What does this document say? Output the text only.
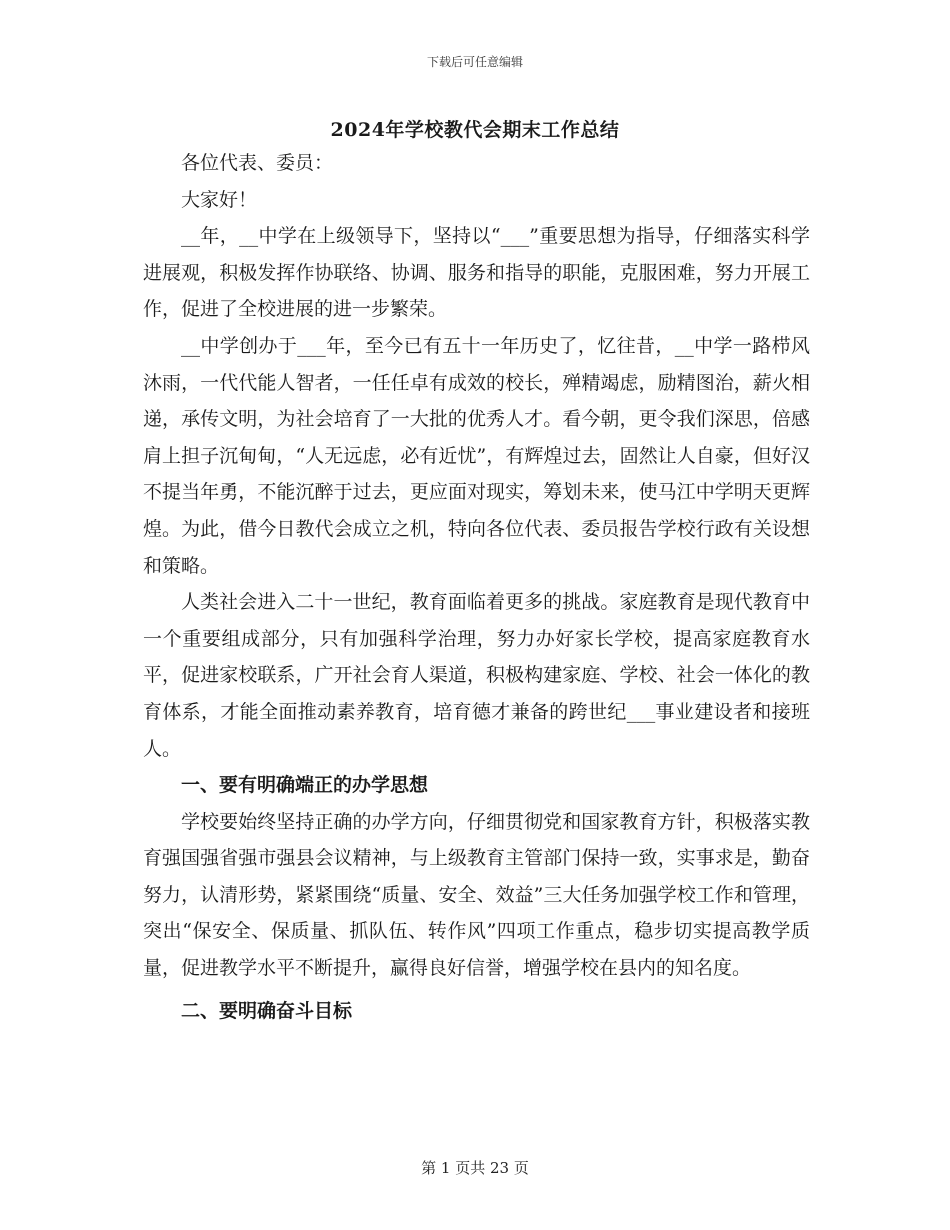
下载后可任意编辑
2024年学校教代会期末工作总结

各位代表、委员：

大家好！

__年，__中学在上级领导下，坚持以“___”重要思想为指导，仔细落实科学进展观，积极发挥作协联络、协调、服务和指导的职能，克服困难，努力开展工作，促进了全校进展的进一步繁荣。

__中学创办于___年，至今已有五十一年历史了，忆往昔，__中学一路栉风沐雨，一代代能人智者，一任任卓有成效的校长，殚精竭虑，励精图治，薪火相递，承传文明，为社会培育了一大批的优秀人才。看今朝，更令我们深思，倍感肩上担子沉甸甸，“人无远虑，必有近忧”，有辉煌过去，固然让人自豪，但好汉不提当年勇，不能沉醉于过去，更应面对现实，筹划未来，使马江中学明天更辉煌。为此，借今日教代会成立之机，特向各位代表、委员报告学校行政有关设想和策略。

人类社会进入二十一世纪，教育面临着更多的挑战。家庭教育是现代教育中一个重要组成部分，只有加强科学治理，努力办好家长学校，提高家庭教育水平，促进家校联系，广开社会育人渠道，积极构建家庭、学校、社会一体化的教育体系，才能全面推动素养教育，培育德才兼备的跨世纪___事业建设者和接班人。

一、要有明确端正的办学思想

学校要始终坚持正确的办学方向，仔细贯彻党和国家教育方针，积极落实教育强国强省强市强县会议精神，与上级教育主管部门保持一致，实事求是，勤奋努力，认清形势，紧紧围绕“质量、安全、效益”三大任务加强学校工作和管理，突出“保安全、保质量、抓队伍、转作风”四项工作重点，稳步切实提高教学质量，促进教学水平不断提升，赢得良好信誉，增强学校在县内的知名度。

二、要明确奋斗目标

第 1 页共 23 页
